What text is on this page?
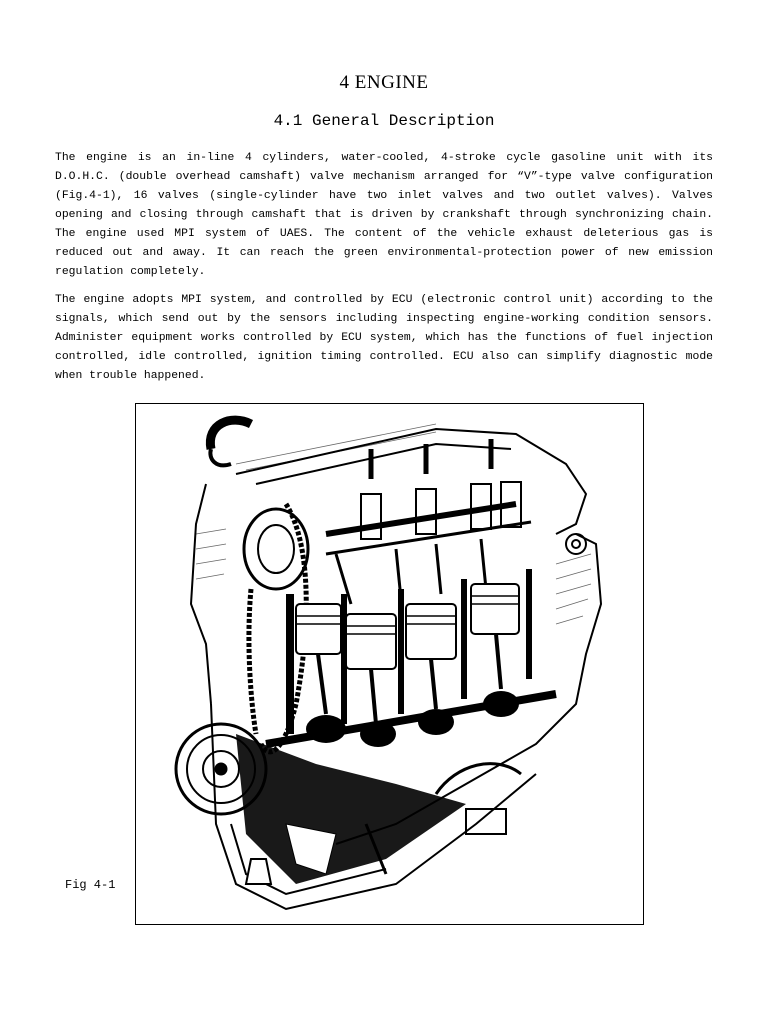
4 ENGINE
4.1 General Description

The engine is an in-line 4 cylinders, water-cooled, 4-stroke cycle gasoline unit with its D.O.H.C. (double overhead camshaft) valve mechanism arranged for “V”-type valve configuration (Fig.4-1), 16 valves (single-cylinder have two inlet valves and two outlet valves). Valves opening and closing through camshaft that is driven by crankshaft through synchronizing chain. The engine used MPI system of UAES. The content of the vehicle exhaust deleterious gas is reduced out and away. It can reach the green environmental-protection power of new emission regulation completely.

The engine adopts MPI system, and controlled by ECU (electronic control unit) according to the signals, which send out by the sensors including inspecting engine-working condition sensors. Administer equipment works controlled by ECU system, which has the functions of fuel injection controlled, idle controlled, ignition timing controlled. ECU also can simplify diagnostic mode when trouble happened.

Fig 4-1
